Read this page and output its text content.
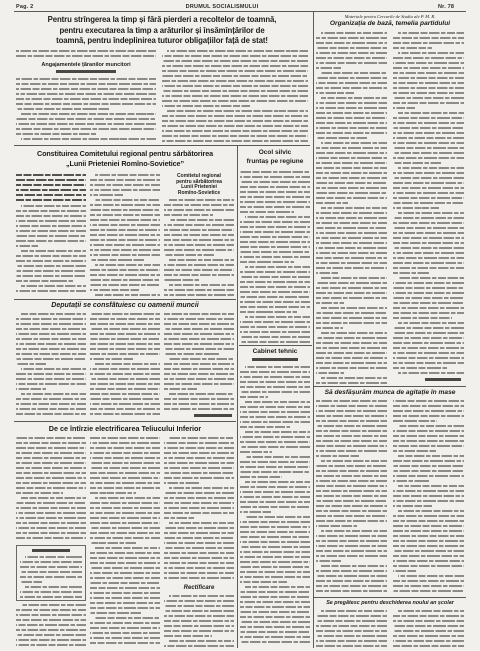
Pag. 2	DRUMUL SOCIALISMULUI	Nr. 78
Pentru strîngerea la timp și fără pierderi a recoltelor de toamnă,
pentru executarea la timp a arăturilor și însămînțărilor de
toamnă, pentru îndeplinirea tuturor obligațiilor față de stat!
Angajamentele țăranilor muncitori
Materiale pentru Cercurile de Studiu ale P. M. R.
Organizația de bază, temelia partidului
Să desfășurăm munca de agitație în mase
Se pregătesc pentru deschiderea noului an școlar
Constituirea Comitetului regional pentru sărbătorirea
„Lunii Prieteniei Romîno-Sovietice”
Comitetul regional
pentru sărbătorirea
Lunii Prieteniei
Romîno-Sovietice
Deputații se consfătuiesc cu oamenii muncii
De ce întîrzie electrificarea Teliucului Inferior
Rectificare
Ocol silvic
fruntaș pe regiune
Cabinet tehnic
